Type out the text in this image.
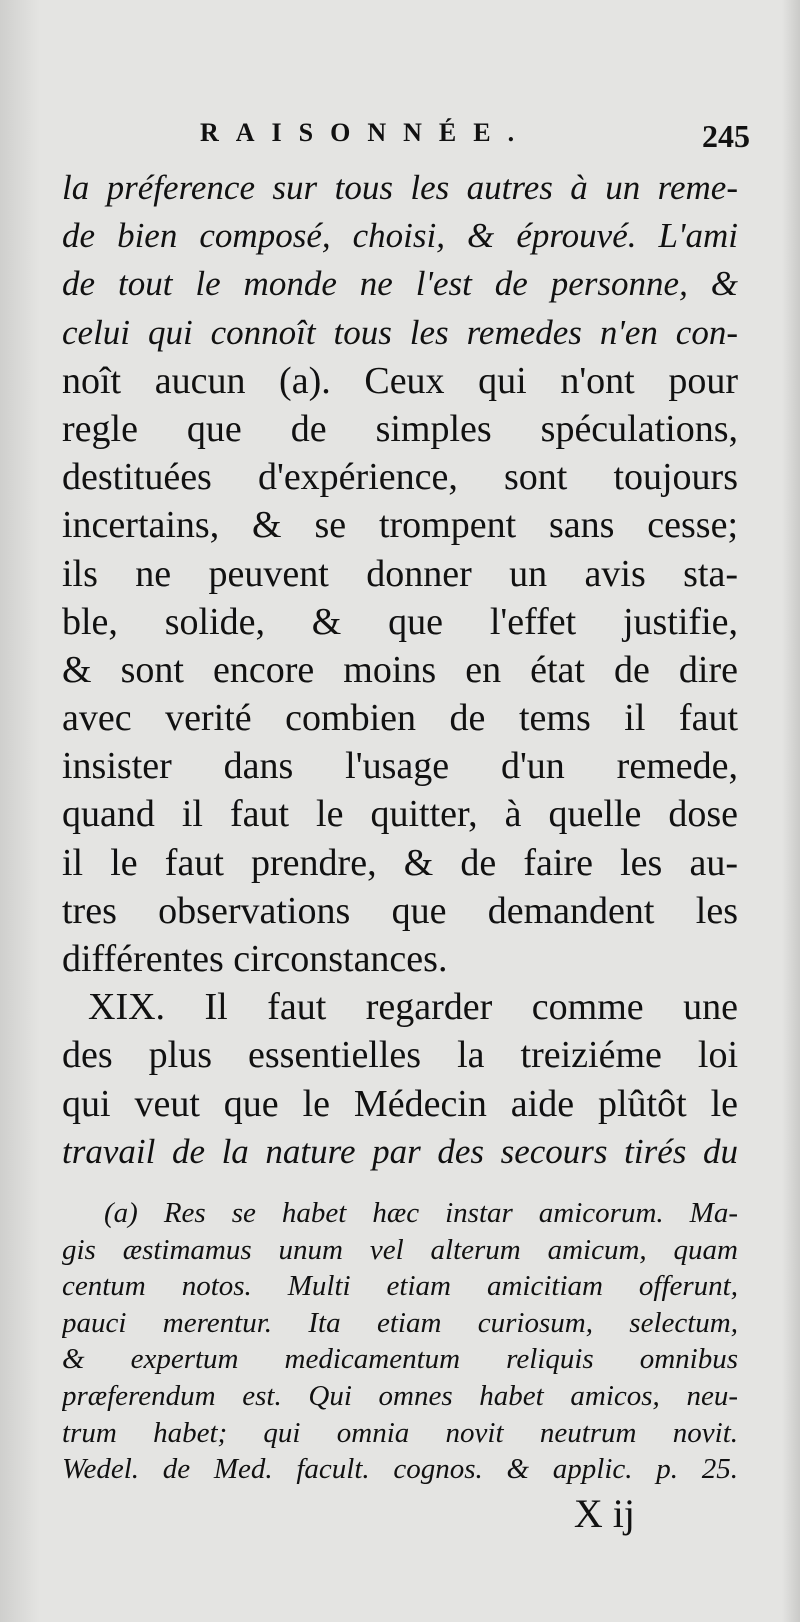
RAISONNÉE.	245
la préference sur tous les autres à un reme-
de bien composé, choisi, & éprouvé. L'ami
de tout le monde ne l'est de personne, &
celui qui connoît tous les remedes n'en con-
noît aucun (a). Ceux qui n'ont pour
regle que de simples spéculations,
destituées d'expérience, sont toujours
incertains, & se trompent sans cesse;
ils ne peuvent donner un avis sta-
ble, solide, & que l'effet justifie,
& sont encore moins en état de dire
avec verité combien de tems il faut
insister dans l'usage d'un remede,
quand il faut le quitter, à quelle dose
il le faut prendre, & de faire les au-
tres observations que demandent les
différentes circonstances.
XIX. Il faut regarder comme une
des plus essentielles la treiziéme loi
qui veut que le Médecin aide plûtôt le
travail de la nature par des secours tirés du
(a) Res se habet hæc instar amicorum. Ma-
gis æstimamus unum vel alterum amicum, quam
centum notos. Multi etiam amicitiam offerunt,
pauci merentur. Ita etiam curiosum, selectum,
& expertum medicamentum reliquis omnibus
præferendum est. Qui omnes habet amicos, neu-
trum habet; qui omnia novit neutrum novit.
Wedel. de Med. facult. cognos. & applic. p. 25.
X ij
